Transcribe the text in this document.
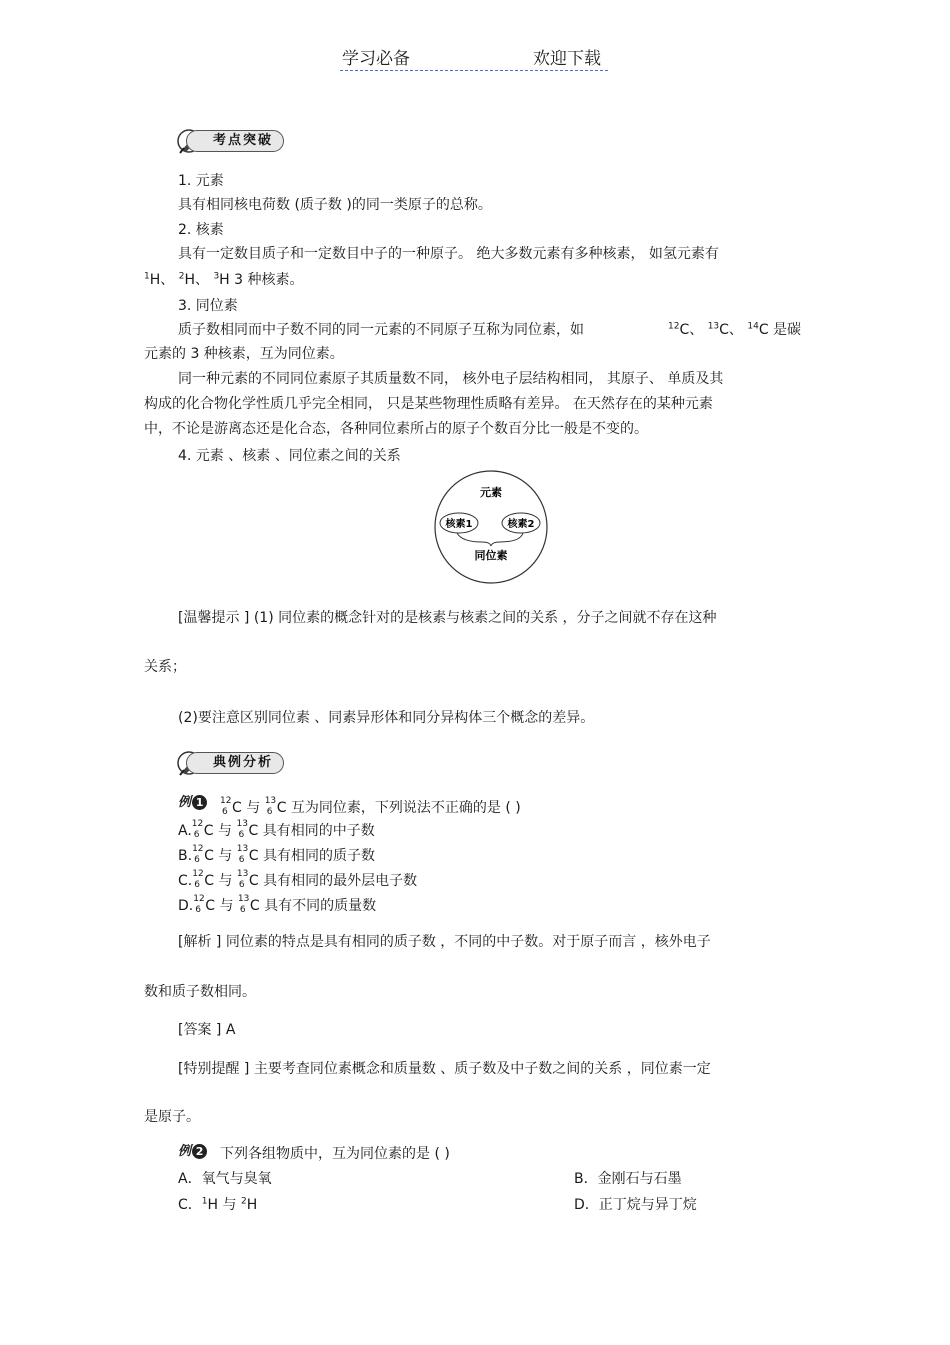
学习必备	欢迎下载
考点突破
1. 元素
具有相同核电荷数 (质子数 )的同一类原子的总称。
2. 核素
具有一定数目质子和一定数目中子的一种原子。 绝大多数元素有多种核素， 如氢元素有
$^1$H、 $^2$H、 $^3$H 3 种核素。
3. 同位素
质子数相同而中子数不同的同一元素的不同原子互称为同位素，如	$^{12}$C、 $^{13}$C、 $^{14}$C 是碳
元素的 3 种核素，互为同位素。
同一种元素的不同同位素原子其质量数不同， 核外电子层结构相同， 其原子、 单质及其
构成的化合物化学性质几乎完全相同， 只是某些物理性质略有差异。 在天然存在的某种元素
中，不论是游离态还是化合态，各种同位素所占的原子个数百分比一般是不变的。
4. 元素 、核素 、同位素之间的关系
元素
核素1	核素2
同位素
[温馨提示 ] (1) 同位素的概念针对的是核素与核素之间的关系 ，分子之间就不存在这种
关系；
(2)要注意区别同位素 、同素异形体和同分异构体三个概念的差异。
典例分析
例 1	12
6 C 与 13
6 C 互为同位素，下列说法不正确的是 ( )
A. 12
6 C 与 13
6 C 具有相同的中子数
B. 12
6 C 与 13
6 C 具有相同的质子数
C. 12
6 C 与 13
6 C 具有相同的最外层电子数
D. 12
6 C 与 13
6 C 具有不同的质量数
[解析 ] 同位素的特点是具有相同的质子数 ，不同的中子数。对于原子而言 ，核外电子
数和质子数相同。
[答案 ] A
[特别提醒 ] 主要考查同位素概念和质量数 、质子数及中子数之间的关系 ，同位素一定
是原子。
例 2 下列各组物质中，互为同位素的是 ( )
A．氧气与臭氧	B．金刚石与石墨
C．$^1$H 与 $^2$H	D．正丁烷与异丁烷
